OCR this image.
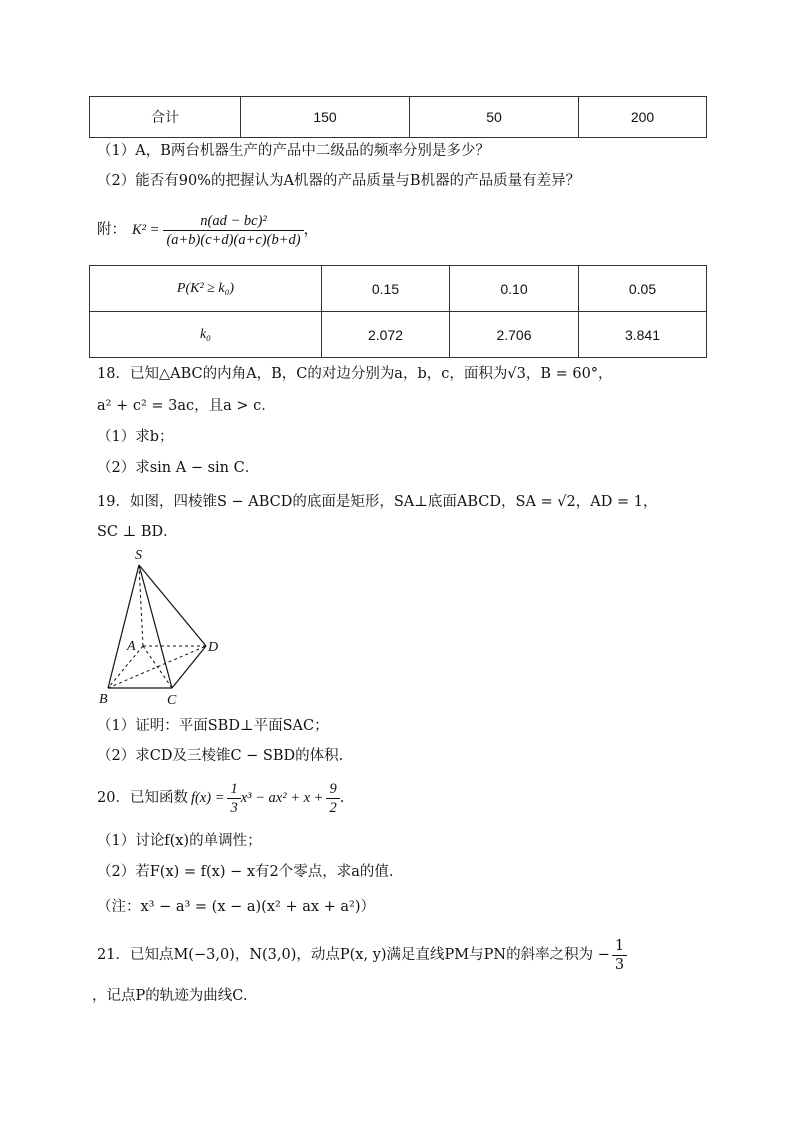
合计	150	50	200
（1）A，B两台机器生产的产品中二级品的频率分别是多少？
（2）能否有90%的把握认为A机器的产品质量与B机器的产品质量有差异？
附： $K^2 = \frac{\text{n(ad − bc)²}}{(a+b)(c+d)(a+c)(b+d)}$ ，
P(K² ≥ k₀)	0.15	0.10	0.05
k₀	2.072	2.706	3.841
18．已知△ABC的内角A，B，C的对边分别为a，b，c，面积为√3，B = 60°，
a² + c² = 3ac，且a > c．
（1）求b；
（2）求sin A − sin C．
19．如图，四棱锥S − ABCD的底面是矩形，SA⊥底面ABCD，SA = √2，AD = 1，
SC ⊥ BD．
S
A
B	C
D
（1）证明：平面SBD⊥平面SAC；
（2）求CD及三棱锥C − SBD的体积.
20．已知函数 $f(x) = \frac{1}{3} x^3 - ax^2 + x + \frac{9}{2}$ .
（1）讨论f(x)的单调性；
（2）若F(x) = f(x) − x有2个零点，求a的值.
（注：x³ − a³ = (x − a)(x² + ax + a²)）
21．已知点M(−3,0)，N(3,0)，动点P(x, y)满足直线PM与PN的斜率之积为 − $\frac{1}{3}$
，记点P的轨迹为曲线C.
